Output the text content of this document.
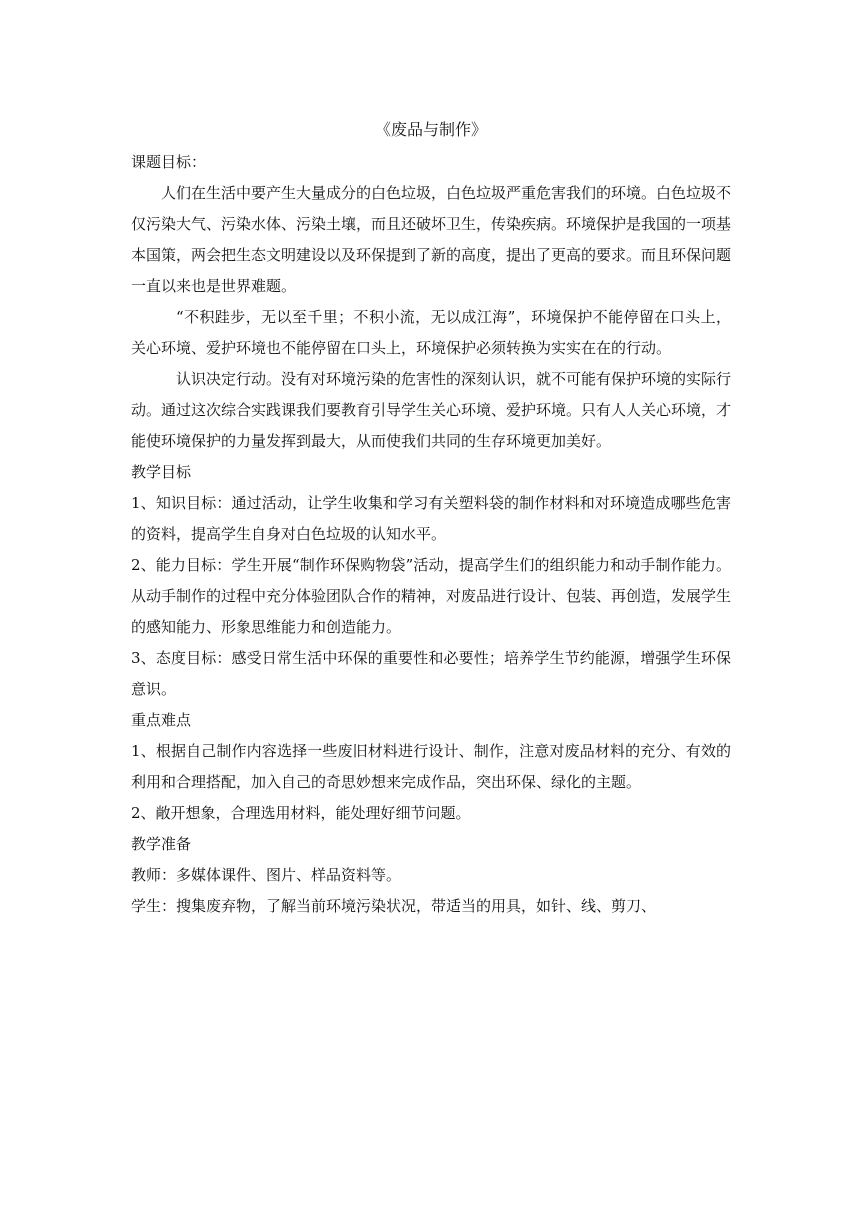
《废品与制作》

课题目标：

人们在生活中要产生大量成分的白色垃圾，白色垃圾严重危害我们的环境。白色垃圾不仅污染大气、污染水体、污染土壤，而且还破坏卫生，传染疾病。环境保护是我国的一项基本国策，两会把生态文明建设以及环保提到了新的高度，提出了更高的要求。而且环保问题一直以来也是世界难题。

“不积跬步，无以至千里；不积小流，无以成江海”，环境保护不能停留在口头上，关心环境、爱护环境也不能停留在口头上，环境保护必须转换为实实在在的行动。

认识决定行动。没有对环境污染的危害性的深刻认识，就不可能有保护环境的实际行动。通过这次综合实践课我们要教育引导学生关心环境、爱护环境。只有人人关心环境，才能使环境保护的力量发挥到最大，从而使我们共同的生存环境更加美好。

教学目标

1、知识目标：通过活动，让学生收集和学习有关塑料袋的制作材料和对环境造成哪些危害的资料，提高学生自身对白色垃圾的认知水平。

2、能力目标：学生开展“制作环保购物袋”活动，提高学生们的组织能力和动手制作能力。从动手制作的过程中充分体验团队合作的精神，对废品进行设计、包装、再创造，发展学生的感知能力、形象思维能力和创造能力。

3、态度目标：感受日常生活中环保的重要性和必要性；培养学生节约能源，增强学生环保意识。

重点难点

1、根据自己制作内容选择一些废旧材料进行设计、制作，注意对废品材料的充分、有效的利用和合理搭配，加入自己的奇思妙想来完成作品，突出环保、绿化的主题。

2、敞开想象，合理选用材料，能处理好细节问题。

教学准备

教师：多媒体课件、图片、样品资料等。

学生：搜集废弃物，了解当前环境污染状况，带适当的用具，如针、线、剪刀、
